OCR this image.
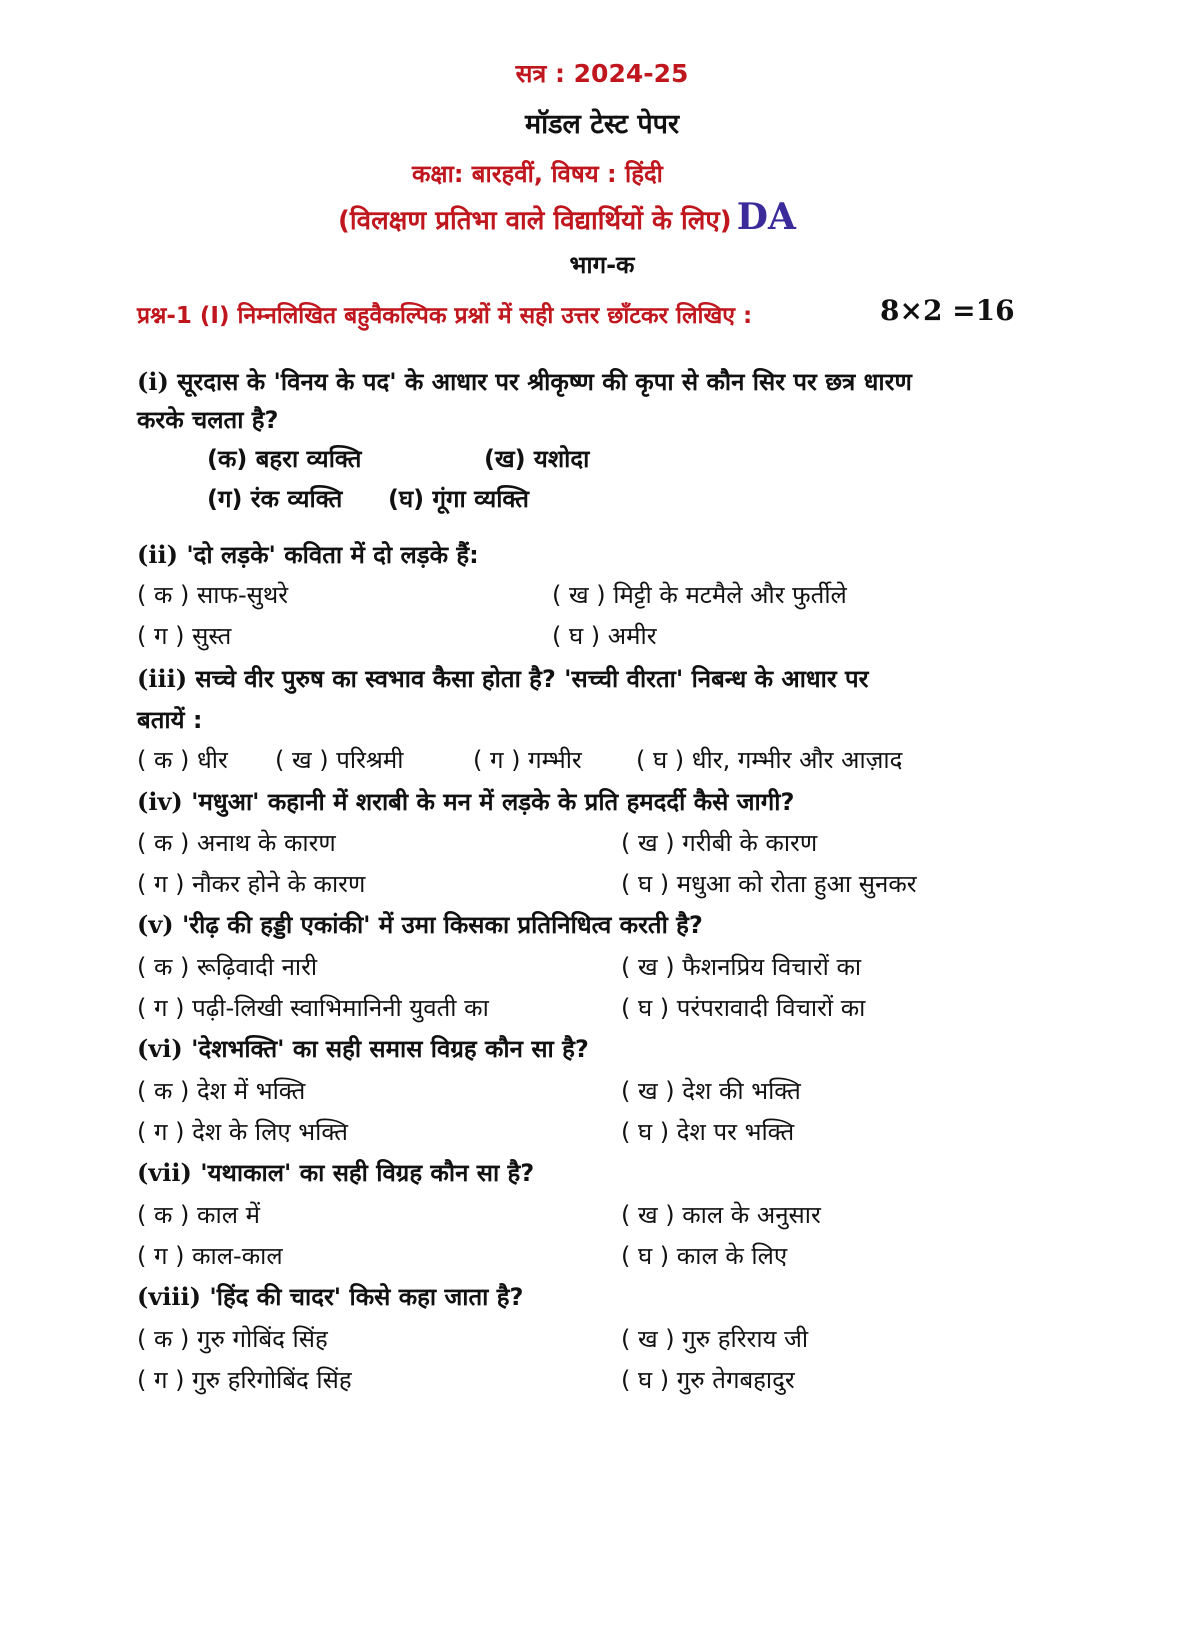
सत्र : 2024-25
मॉडल टेस्ट पेपर
कक्षा: बारहवीं, विषय : हिंदी
(विलक्षण प्रतिभा वाले विद्यार्थियों के लिए) DA
भाग-क
प्रश्न-1 (I) निम्नलिखित बहुवैकल्पिक प्रश्नों में सही उत्तर छाँटकर लिखिए :	8×2 =16
(i) सूरदास के 'विनय के पद' के आधार पर श्रीकृष्ण की कृपा से कौन सिर पर छत्र धारण
करके चलता है?
(क) बहरा व्यक्ति	(ख) यशोदा
(ग) रंक व्यक्ति (घ) गूंगा व्यक्ति
(ii) 'दो लड़के' कविता में दो लड़के हैं:
( क ) साफ-सुथरे	( ख ) मिट्टी के मटमैले और फुर्तीले
( ग ) सुस्त	( घ ) अमीर
(iii) सच्चे वीर पुरुष का स्वभाव कैसा होता है? 'सच्ची वीरता' निबन्ध के आधार पर
बतायें :
( क ) धीर ( ख ) परिश्रमी	( ग ) गम्भीर ( घ ) धीर, गम्भीर और आज़ाद
(iv) 'मधुआ' कहानी में शराबी के मन में लड़के के प्रति हमदर्दी कैसे जागी?
( क ) अनाथ के कारण	( ख ) गरीबी के कारण
( ग ) नौकर होने के कारण	( घ ) मधुआ को रोता हुआ सुनकर
(v) 'रीढ़ की हड्डी एकांकी' में उमा किसका प्रतिनिधित्व करती है?
( क ) रूढ़िवादी नारी	( ख ) फैशनप्रिय विचारों का
( ग ) पढ़ी-लिखी स्वाभिमानिनी युवती का	( घ ) परंपरावादी विचारों का
(vi) 'देशभक्ति' का सही समास विग्रह कौन सा है?
( क ) देश में भक्ति	( ख ) देश की भक्ति
( ग ) देश के लिए भक्ति	( घ ) देश पर भक्ति
(vii) 'यथाकाल' का सही विग्रह कौन सा है?
( क ) काल में	( ख ) काल के अनुसार
( ग ) काल-काल	( घ ) काल के लिए
(viii) 'हिंद की चादर' किसे कहा जाता है?
( क ) गुरु गोबिंद सिंह	( ख ) गुरु हरिराय जी
( ग ) गुरु हरिगोबिंद सिंह	( घ ) गुरु तेगबहादुर
